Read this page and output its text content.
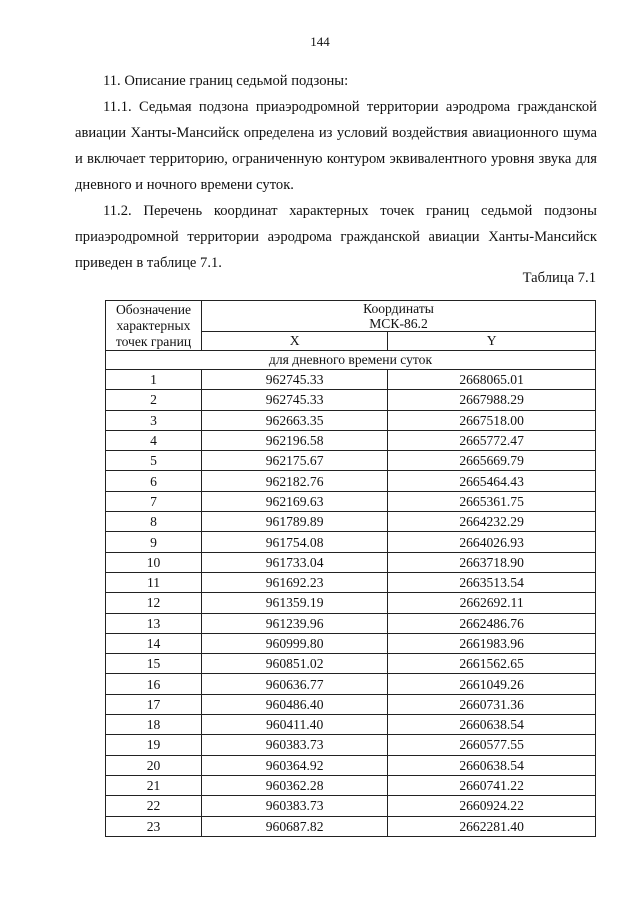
144

11. Описание границ седьмой подзоны:

11.1. Седьмая подзона приаэродромной территории аэродрома гражданской авиации Ханты-Мансийск определена из условий воздействия авиационного шума и включает территорию, ограниченную контуром эквивалентного уровня звука для дневного и ночного времени суток.

11.2. Перечень координат характерных точек границ седьмой подзоны приаэродромной территории аэродрома гражданской авиации Ханты-Мансийск приведен в таблице 7.1.

Таблица 7.1
Обозначение характерных точек границ	Координаты
МСК-86.2	
	X	Y
для дневного времени суток		
1	962745.33	2668065.01
2	962745.33	2667988.29
3	962663.35	2667518.00
4	962196.58	2665772.47
5	962175.67	2665669.79
6	962182.76	2665464.43
7	962169.63	2665361.75
8	961789.89	2664232.29
9	961754.08	2664026.93
10	961733.04	2663718.90
11	961692.23	2663513.54
12	961359.19	2662692.11
13	961239.96	2662486.76
14	960999.80	2661983.96
15	960851.02	2661562.65
16	960636.77	2661049.26
17	960486.40	2660731.36
18	960411.40	2660638.54
19	960383.73	2660577.55
20	960364.92	2660638.54
21	960362.28	2660741.22
22	960383.73	2660924.22
23	960687.82	2662281.40
